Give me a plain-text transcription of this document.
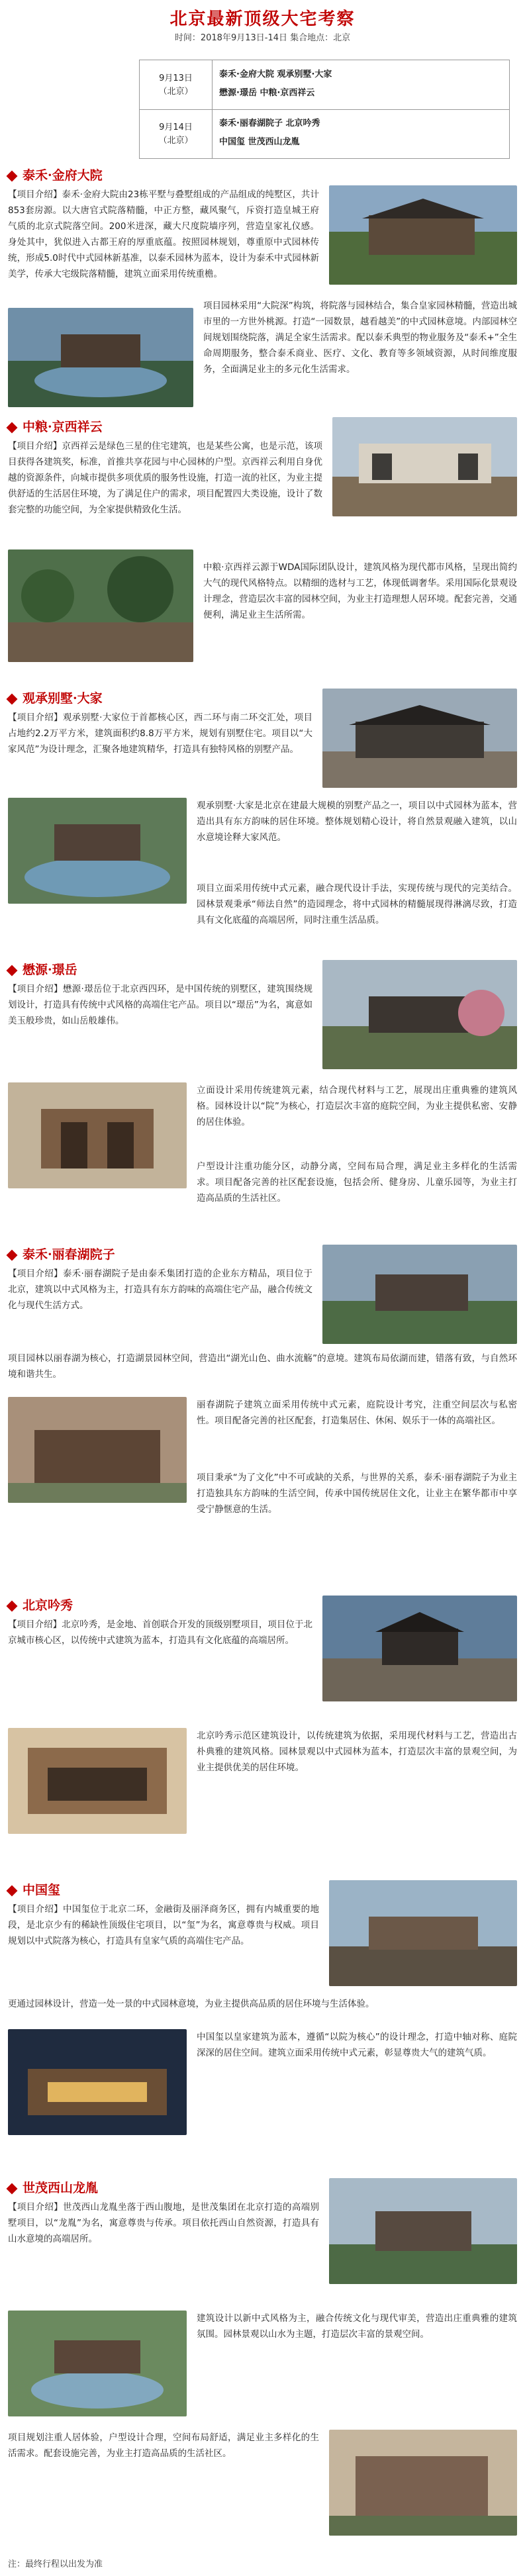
北京最新顶级大宅考察
时间：2018年9月13日-14日 集合地点：北京
9月13日
（北京）
泰禾·金府大院 观承别墅·大家
懋源·璟岳 中粮·京西祥云
9月14日
（北京）
泰禾·丽春湖院子 北京吟秀
中国玺 世茂西山龙胤
泰禾·金府大院
【项目介绍】泰禾·金府大院由23栋平墅与叠墅组成的产品组成的纯墅区，共计853套房源。以大唐官式院落精髓，中正方整，藏风聚气，斥资打造皇城王府气质的北京式院落空间。200米进深，藏大尺度院墙序列，营造皇家礼仪感。身处其中，犹似进入古都王府的厚重底蕴。按照园林规划，尊重原中式园林传统，形成5.0时代中式园林新基准，以泰禾园林为蓝本，设计为泰禾中式园林新美学，传承大宅级院落精髓，建筑立面采用传统重檐。
项目园林采用“大院深”构筑，将院落与园林结合，集合皇家园林精髓，营造出城市里的一方世外桃源。打造“一园数景，越看越美”的中式园林意境。内部园林空间规划围绕院落，满足全家生活需求。配以泰禾典型的物业服务及“泰禾+”全生命周期服务，整合泰禾商业、医疗、文化、教育等多领域资源，从时间维度服务，全面满足业主的多元化生活需求。
中粮·京西祥云
【项目介绍】京西祥云是绿色三星的住宅建筑，也是某些公寓，也是示范，该项目获得各建筑奖，标准，首推共享花园与中心园林的户型。京西祥云利用自身优越的资源条件，向城市提供多项优质的服务性设施，打造一流的社区，为业主提供舒适的生活居住环境，为了满足住户的需求，项目配置四大类设施，设计了数套完整的功能空间，为全家提供精致化生活。
中粮·京西祥云源于WDA国际团队设计，建筑风格为现代都市风格，呈现出简约大气的现代风格特点。以精细的选材与工艺，体现低调奢华。采用国际化景观设计理念，营造层次丰富的园林空间，为业主打造理想人居环境。配套完善，交通便利，满足业主生活所需。
观承别墅·大家
【项目介绍】观承别墅·大家位于首都核心区，西二环与南二环交汇处，项目占地约2.2万平方米，建筑面积约8.8万平方米，规划有别墅住宅。项目以“大家风范”为设计理念，汇聚各地建筑精华，打造具有独特风格的别墅产品。
观承别墅·大家是北京在建最大规模的别墅产品之一，项目以中式园林为蓝本，营造出具有东方韵味的居住环境。整体规划精心设计，将自然景观融入建筑，以山水意境诠释大家风范。
项目立面采用传统中式元素，融合现代设计手法，实现传统与现代的完美结合。园林景观秉承“师法自然”的造园理念，将中式园林的精髓展现得淋漓尽致，打造具有文化底蕴的高端居所，同时注重生活品质。
懋源·璟岳
【项目介绍】懋源·璟岳位于北京西四环，是中国传统的别墅区，建筑围绕规划设计，打造具有传统中式风格的高端住宅产品。项目以“璟岳”为名，寓意如美玉般珍贵，如山岳般雄伟。
立面设计采用传统建筑元素，结合现代材料与工艺，展现出庄重典雅的建筑风格。园林设计以“院”为核心，打造层次丰富的庭院空间，为业主提供私密、安静的居住体验。
户型设计注重功能分区，动静分离，空间布局合理，满足业主多样化的生活需求。项目配备完善的社区配套设施，包括会所、健身房、儿童乐园等，为业主打造高品质的生活社区。
泰禾·丽春湖院子
【项目介绍】泰禾·丽春湖院子是由泰禾集团打造的企业东方精品，项目位于北京，建筑以中式风格为主，打造具有东方韵味的高端住宅产品，融合传统文化与现代生活方式。
项目园林以丽春湖为核心，打造湖景园林空间，营造出“湖光山色、曲水流觞”的意境。建筑布局依湖而建，错落有致，与自然环境和谐共生。
丽春湖院子建筑立面采用传统中式元素，庭院设计考究，注重空间层次与私密性。项目配备完善的社区配套，打造集居住、休闲、娱乐于一体的高端社区。
项目秉承“为了文化”中不可或缺的关系，与世界的关系，泰禾·丽春湖院子为业主打造独具东方韵味的生活空间，传承中国传统居住文化，让业主在繁华都市中享受宁静惬意的生活。
北京吟秀
【项目介绍】北京吟秀，是金地、首创联合开发的顶级别墅项目，项目位于北京城市核心区，以传统中式建筑为蓝本，打造具有文化底蕴的高端居所。
北京吟秀示范区建筑设计，以传统建筑为依据，采用现代材料与工艺，营造出古朴典雅的建筑风格。园林景观以中式园林为蓝本，打造层次丰富的景观空间，为业主提供优美的居住环境。
中国玺
【项目介绍】中国玺位于北京二环，金融街及丽泽商务区，拥有内城重要的地段，是北京少有的稀缺性顶级住宅项目，以“玺”为名，寓意尊贵与权威。项目规划以中式院落为核心，打造具有皇家气质的高端住宅产品。
更通过园林设计，营造一处一景的中式园林意境，为业主提供高品质的居住环境与生活体验。
中国玺以皇家建筑为蓝本，遵循“以院为核心”的设计理念，打造中轴对称、庭院深深的居住空间。建筑立面采用传统中式元素，彰显尊贵大气的建筑气质。
世茂西山龙胤
【项目介绍】世茂西山龙胤坐落于西山腹地，是世茂集团在北京打造的高端别墅项目，以“龙胤”为名，寓意尊贵与传承。项目依托西山自然资源，打造具有山水意境的高端居所。
建筑设计以新中式风格为主，融合传统文化与现代审美，营造出庄重典雅的建筑氛围。园林景观以山水为主题，打造层次丰富的景观空间。
项目规划注重人居体验，户型设计合理，空间布局舒适，满足业主多样化的生活需求。配套设施完善，为业主打造高品质的生活社区。
注：最终行程以出发为准
